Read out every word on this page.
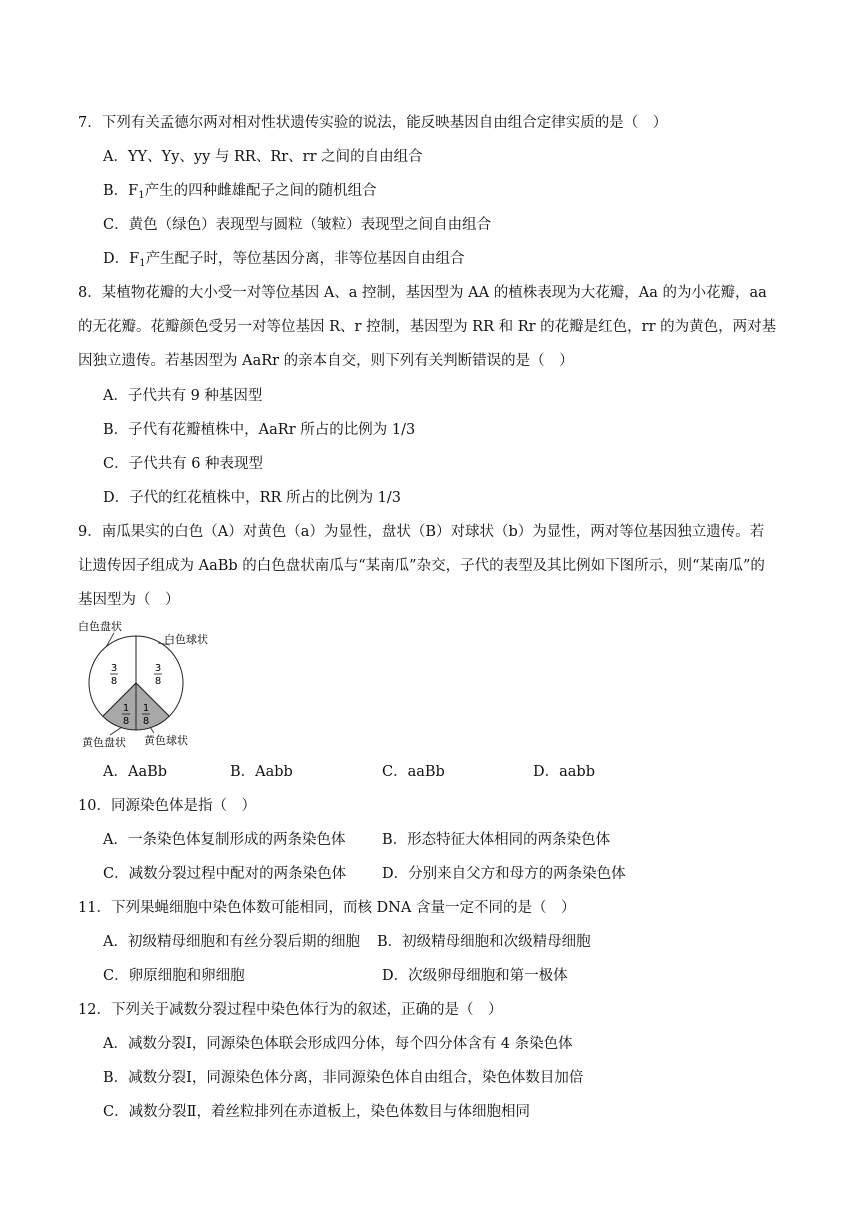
7．下列有关孟德尔两对相对性状遗传实验的说法，能反映基因自由组合定律实质的是（　）
A．YY、Yy、yy 与 RR、Rr、rr 之间的自由组合
B．$F_1$产生的四种雌雄配子之间的随机组合
C．黄色（绿色）表现型与圆粒（皱粒）表现型之间自由组合
D．$F_1$产生配子时，等位基因分离，非等位基因自由组合
8．某植物花瓣的大小受一对等位基因 A、a 控制，基因型为 AA 的植株表现为大花瓣，Aa 的为小花瓣，aa
的无花瓣。花瓣颜色受另一对等位基因 R、r 控制，基因型为 RR 和 Rr 的花瓣是红色，rr 的为黄色，两对基
因独立遗传。若基因型为 AaRr 的亲本自交，则下列有关判断错误的是（　）
A．子代共有 9 种基因型
B．子代有花瓣植株中，AaRr 所占的比例为 1/3
C．子代共有 6 种表现型
D．子代的红花植株中，RR 所占的比例为 1/3
9．南瓜果实的白色（A）对黄色（a）为显性，盘状（B）对球状（b）为显性，两对等位基因独立遗传。若
让遗传因子组成为 AaBb 的白色盘状南瓜与“某南瓜”杂交，子代的表型及其比例如下图所示，则“某南瓜”的
基因型为（　）
白色盘状
白色球状
黄色球状
黄色盘状
3
8
1
8
1
8
3
8
A．AaBb	B．Aabb	C．aaBb	D．aabb
10．同源染色体是指（　）
A．一条染色体复制形成的两条染色体	B．形态特征大体相同的两条染色体
C．减数分裂过程中配对的两条染色体 D．分别来自父方和母方的两条染色体
11．下列果蝇细胞中染色体数可能相同，而核 DNA 含量一定不同的是（　）
A．初级精母细胞和有丝分裂后期的细胞 B．初级精母细胞和次级精母细胞
C．卵原细胞和卵细胞	D．次级卵母细胞和第一极体
12．下列关于减数分裂过程中染色体行为的叙述，正确的是（　）
A．减数分裂Ⅰ，同源染色体联会形成四分体，每个四分体含有 4 条染色体
B．减数分裂Ⅰ，同源染色体分离，非同源染色体自由组合，染色体数目加倍
C．减数分裂Ⅱ，着丝粒排列在赤道板上，染色体数目与体细胞相同
